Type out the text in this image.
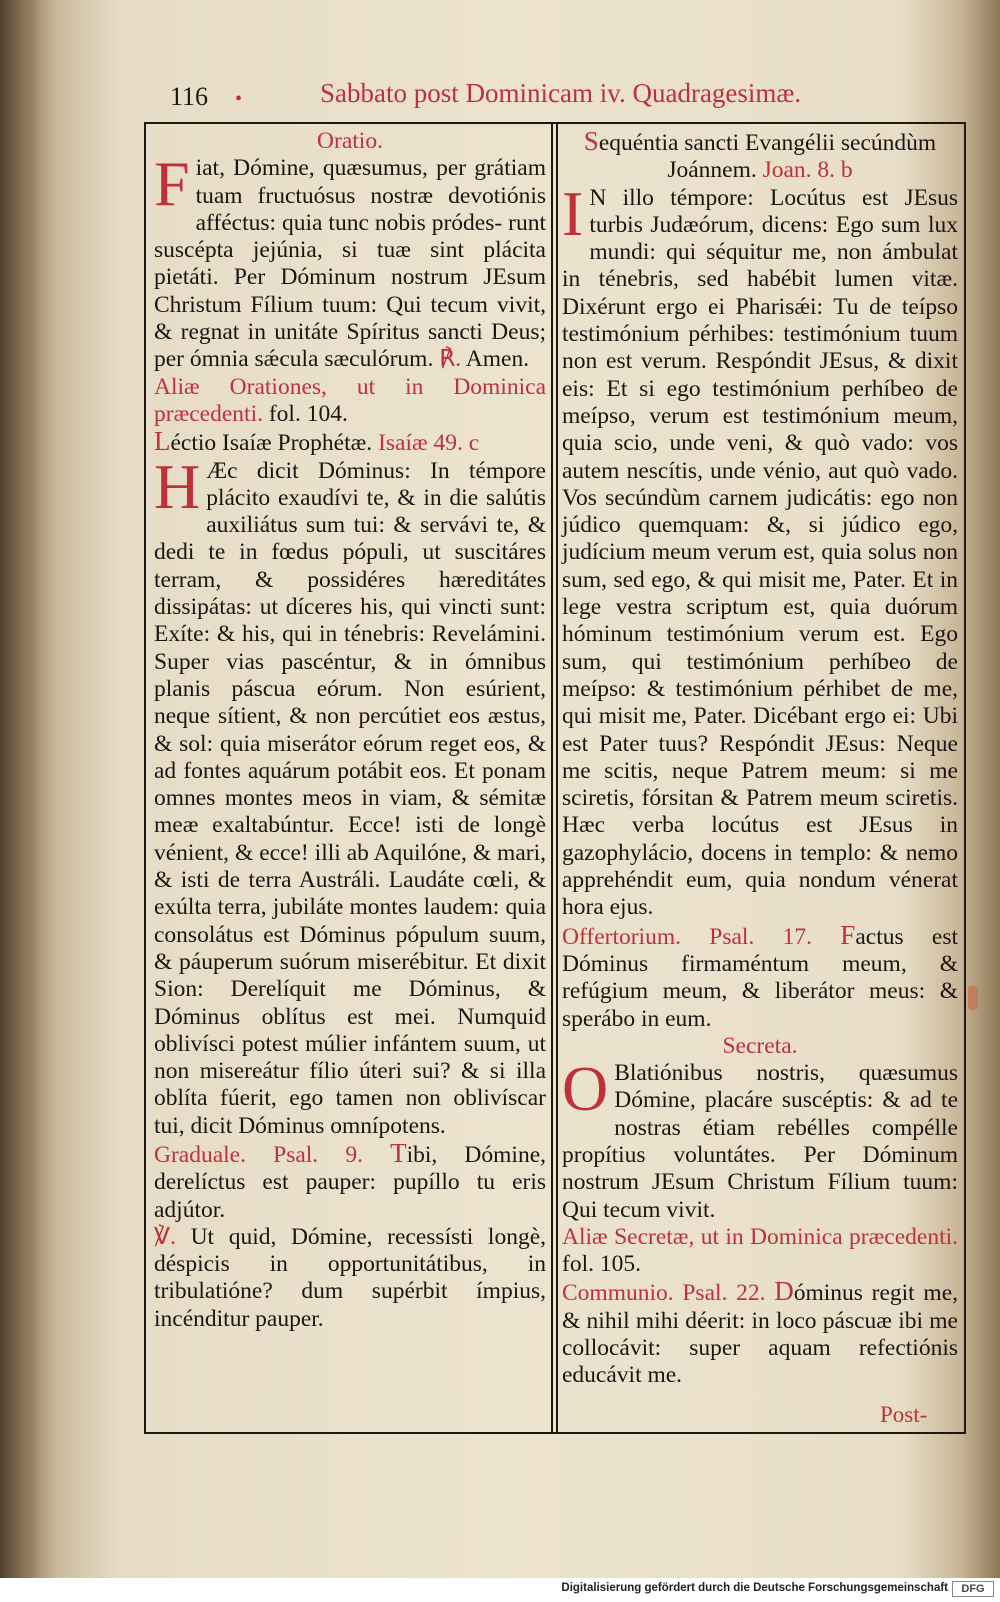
116 •	Sabbato post Dominicam iv. Quadragesimæ.
Oratio.

Fiat, Dómine, quæsumus, per grátiam tuam fructuósus nostræ devotiónis afféctus: quia tunc nobis pródes- runt suscépta jejúnia, si tuæ sint plácita pietáti. Per Dóminum nostrum JEsum Christum Fílium tuum: Qui tecum vivit, & regnat in unitáte Spíritus sancti Deus; per ómnia sǽcula sæculórum. ℟. Amen.

Aliæ Orationes, ut in Dominica præcedenti. fol. 104.

Léctio Isaíæ Prophétæ. Isaíæ 49. c

H Æc dicit Dóminus: In témpore plácito exaudívi te, & in die salútis auxiliátus sum tui: & servávi te, & dedi te in fœdus pópuli, ut suscitáres terram, & possidéres hæreditátes dissipátas: ut díceres his, qui vincti sunt: Exíte: & his, qui in ténebris: Revelámini. Super vias pascéntur, & in ómnibus planis páscua eórum. Non esúrient, neque sítient, & non percútiet eos æstus, & sol: quia miserátor eórum reget eos, & ad fontes aquárum potábit eos. Et ponam omnes montes meos in viam, & sémitæ meæ exaltabúntur. Ecce! isti de longè vénient, & ecce! illi ab Aquilóne, & mari, & isti de terra Austráli. Laudáte cœli, & exúlta terra, jubiláte montes laudem: quia consolátus est Dóminus pópulum suum, & páuperum suórum miserébitur. Et dixit Sion: Derelíquit me Dóminus, & Dóminus oblítus est mei. Numquid oblivísci potest múlier infántem suum, ut non misereátur fílio úteri sui? & si illa oblíta fúerit, ego tamen non oblivíscar tui, dicit Dóminus omnípotens.

Graduale. Psal. 9. Tibi, Dómine, derelíctus est pauper: pupíllo tu eris adjútor.

℣. Ut quid, Dómine, recessísti longè, déspicis in opportunitátibus, in tribulatióne? dum supérbit ímpius, incénditur pauper.

Sequéntia sancti Evangélii secúndùm Joánnem. Joan. 8. b

I N illo témpore: Locútus est JEsus turbis Judæórum, dicens: Ego sum lux mundi: qui séquitur me, non ámbulat in ténebris, sed habébit lumen vitæ. Dixérunt ergo ei Pharisǽi: Tu de teípso testimónium pérhibes: testimónium tuum non est verum. Respóndit JEsus, & dixit eis: Et si ego testimónium perhíbeo de meípso, verum est testimónium meum, quia scio, unde veni, & quò vado: vos autem nescítis, unde vénio, aut quò vado. Vos secúndùm carnem judicátis: ego non júdico quemquam: &, si júdico ego, judícium meum verum est, quia solus non sum, sed ego, & qui misit me, Pater. Et in lege vestra scriptum est, quia duórum hóminum testimónium verum est. Ego sum, qui testimónium perhíbeo de meípso: & testimónium pérhibet de me, qui misit me, Pater. Dicébant ergo ei: Ubi est Pater tuus? Respóndit JEsus: Neque me scitis, neque Patrem meum: si me sciretis, fórsitan & Patrem meum sciretis. Hæc verba locútus est JEsus in gazophylácio, docens in templo: & nemo apprehéndit eum, quia nondum vénerat hora ejus.

Offertorium. Psal. 17. Factus est Dóminus firmaméntum meum, & refúgium meum, & liberátor meus: & sperábo in eum.

Secreta.

O Blatiónibus nostris, quæsumus Dómine, placáre suscéptis: & ad te nostras étiam rebélles compélle propítius voluntátes. Per Dóminum nostrum JEsum Christum Fílium tuum: Qui tecum vivit.

Aliæ Secretæ, ut in Dominica præcedenti. fol. 105.

Communio. Psal. 22. Dóminus regit me, & nihil mihi déerit: in loco páscuæ ibi me collocávit: super aquam refectiónis educávit me.

Post-
Digitalisierung gefördert durch die Deutsche Forschungsgemeinschaft	DFG
